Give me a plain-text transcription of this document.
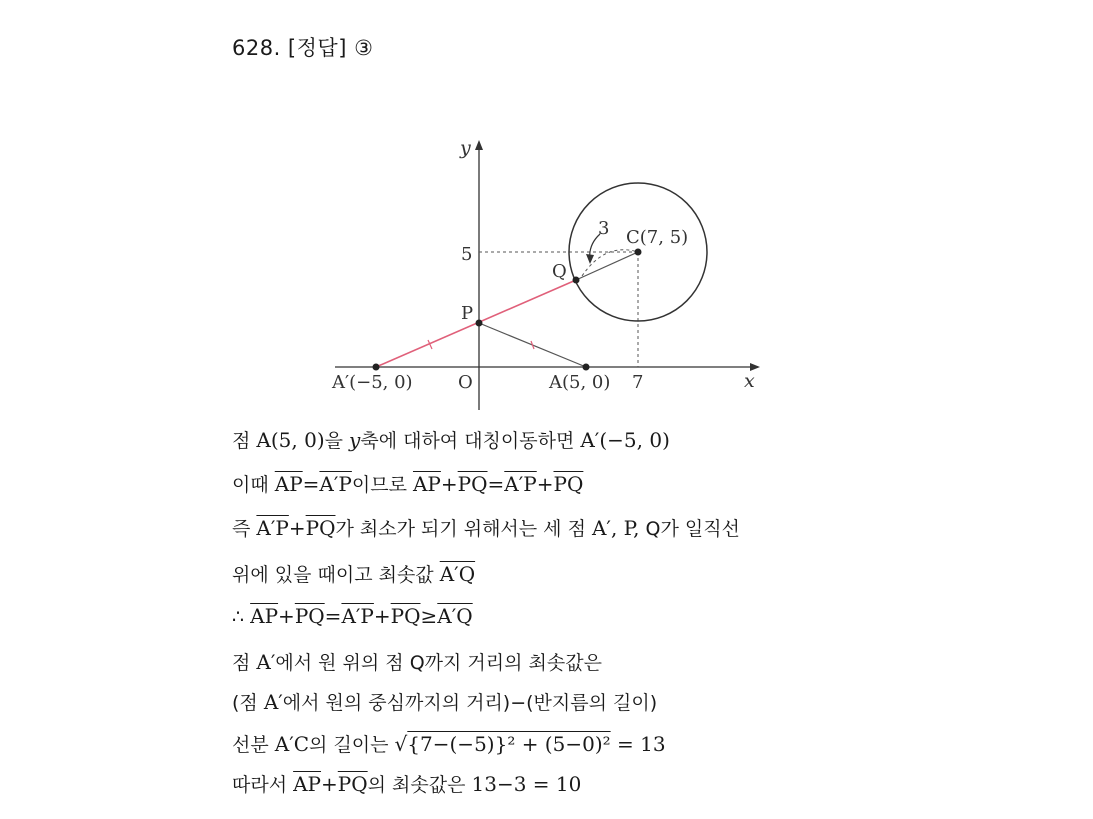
628. [정답] ③
x
y
O
5
7
3
P
Q
C(7, 5)
A(5, 0)
A′(−5, 0)
점 A(5, 0)을 y축에 대하여 대칭이동하면 A′(−5, 0)
이때 $\overline{AP}=A'P$이므로 $\overline{AP}+\overline{PQ}=A'P+\overline{PQ}$
즉 $A'P+\overline{PQ}$가 최소가 되기 위해서는 세 점 A′, P, Q가 일직선
위에 있을 때이고 최솟값 A′Q
∴ $\overline{AP}+\overline{PQ}=A'P+\overline{PQ}\ge A'Q$
점 A′에서 원 위의 점 Q까지 거리의 최솟값은
(점 A′에서 원의 중심까지의 거리)−(반지름의 길이)
선분 A′C의 길이는 √{7−(−5)}² + (5−0)² = 13
따라서 $\overline{AP}+\overline{PQ}$의 최솟값은 13−3 = 10
